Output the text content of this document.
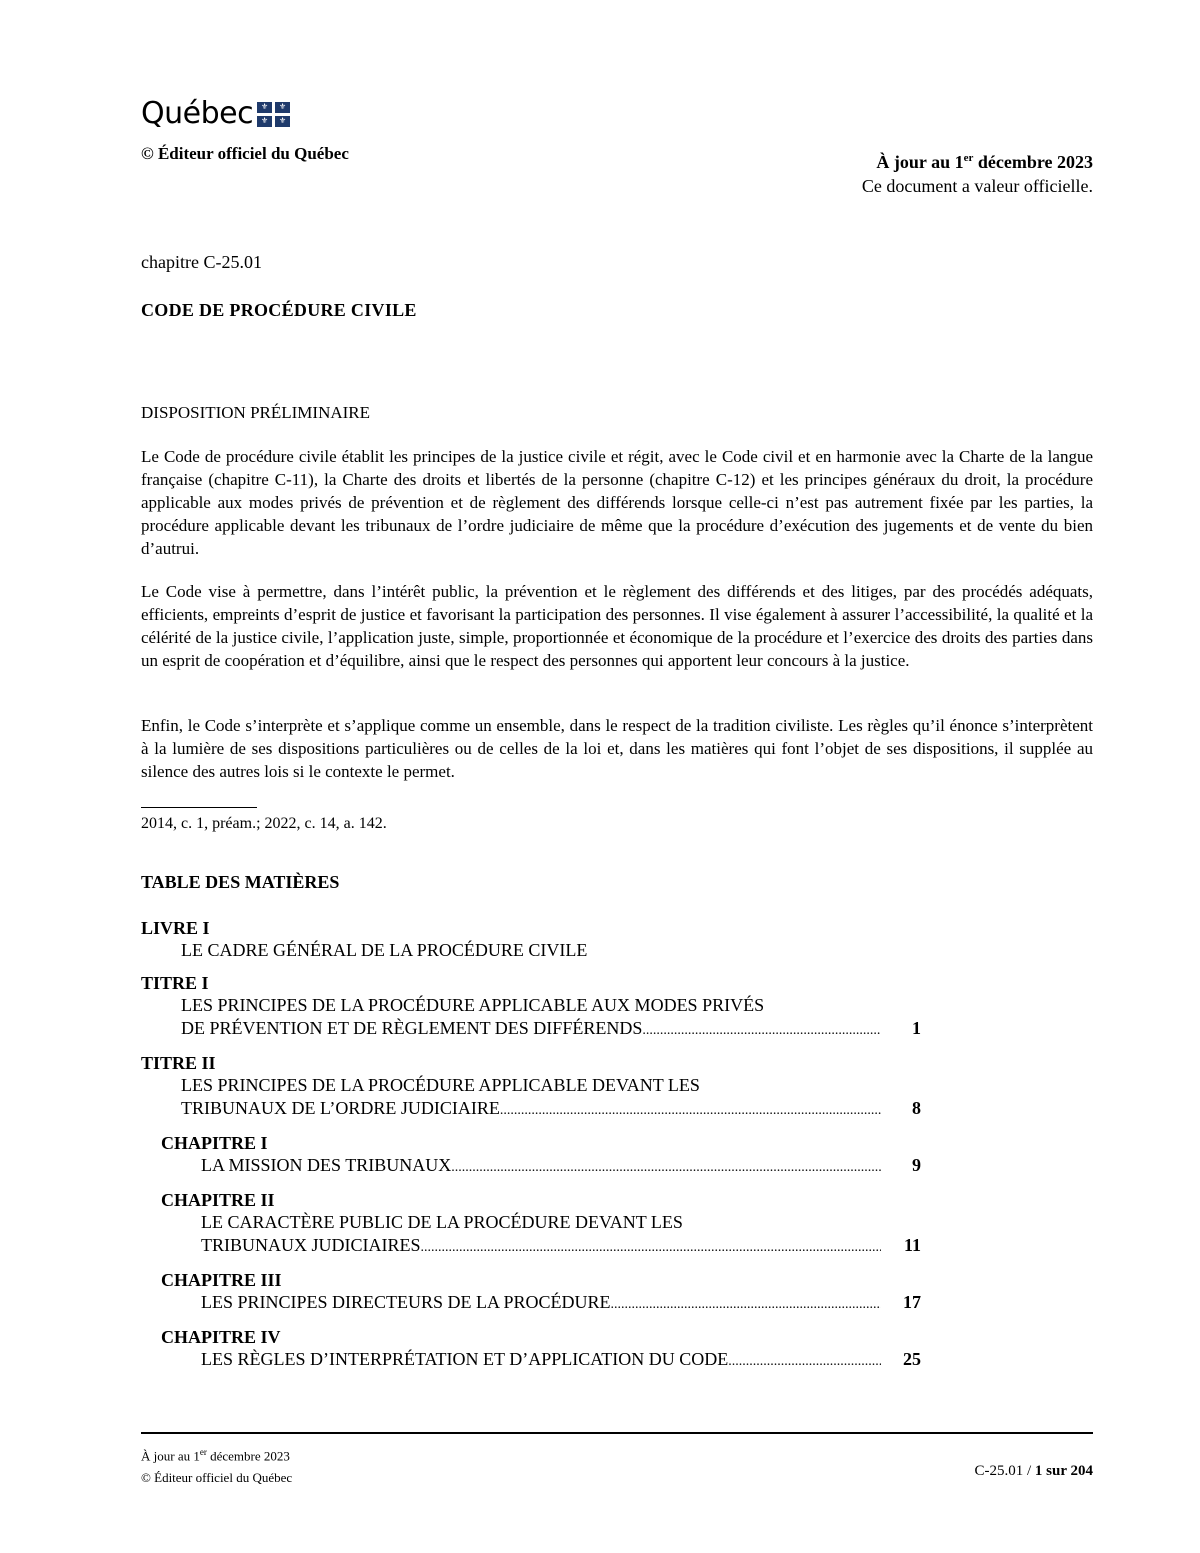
Québec ⚜	⚜
⚜	⚜
© Éditeur officiel du Québec	À jour au 1er décembre 2023
Ce document a valeur officielle.
chapitre C-25.01
CODE DE PROCÉDURE CIVILE
DISPOSITION PRÉLIMINAIRE
Le Code de procédure civile établit les principes de la justice civile et régit, avec le Code civil et en harmonie avec la Charte de la langue française (chapitre C-11), la Charte des droits et libertés de la personne (chapitre C-12) et les principes généraux du droit, la procédure applicable aux modes privés de prévention et de règlement des différends lorsque celle-ci n’est pas autrement fixée par les parties, la procédure applicable devant les tribunaux de l’ordre judiciaire de même que la procédure d’exécution des jugements et de vente du bien d’autrui.
Le Code vise à permettre, dans l’intérêt public, la prévention et le règlement des différends et des litiges, par des procédés adéquats, efficients, empreints d’esprit de justice et favorisant la participation des personnes. Il vise également à assurer l’accessibilité, la qualité et la célérité de la justice civile, l’application juste, simple, proportionnée et économique de la procédure et l’exercice des droits des parties dans un esprit de coopération et d’équilibre, ainsi que le respect des personnes qui apportent leur concours à la justice.
Enfin, le Code s’interprète et s’applique comme un ensemble, dans le respect de la tradition civiliste. Les règles qu’il énonce s’interprètent à la lumière de ses dispositions particulières ou de celles de la loi et, dans les matières qui font l’objet de ses dispositions, il supplée au silence des autres lois si le contexte le permet.
2014, c. 1, préam.; 2022, c. 14, a. 142.
TABLE DES MATIÈRES
LIVRE I
LE CADRE GÉNÉRAL DE LA PROCÉDURE CIVILE
TITRE I
LES PRINCIPES DE LA PROCÉDURE APPLICABLE AUX MODES PRIVÉS
DE PRÉVENTION ET DE RÈGLEMENT DES DIFFÉRENDS .....	1
TITRE II
LES PRINCIPES DE LA PROCÉDURE APPLICABLE DEVANT LES
TRIBUNAUX DE L’ORDRE JUDICIAIRE .....	8
CHAPITRE I
LA MISSION DES TRIBUNAUX .....	9
CHAPITRE II
LE CARACTÈRE PUBLIC DE LA PROCÉDURE DEVANT LES
TRIBUNAUX JUDICIAIRES .....	11
CHAPITRE III
LES PRINCIPES DIRECTEURS DE LA PROCÉDURE .....	17
CHAPITRE IV
LES RÈGLES D’INTERPRÉTATION ET D’APPLICATION DU CODE .....	25
À jour au 1er décembre 2023
© Éditeur officiel du Québec	C-25.01 / 1 sur 204
